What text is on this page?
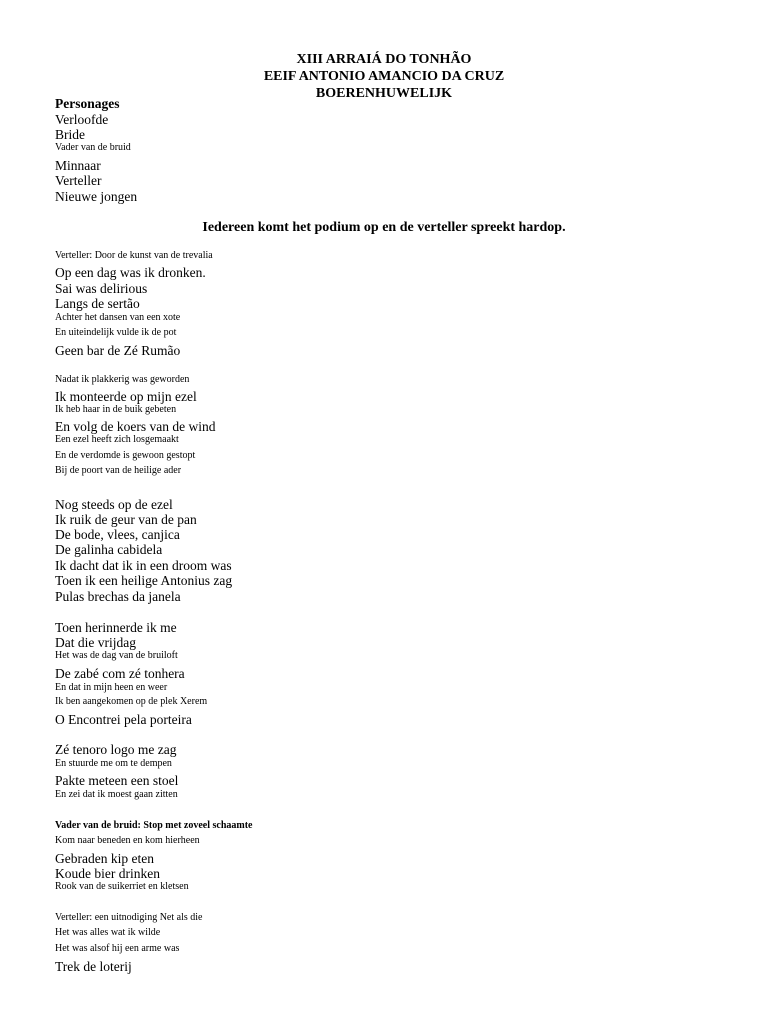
XIII ARRAIÁ DO TONHÃO
EEIF ANTONIO AMANCIO DA CRUZ
BOERENHUWELIJK
Personages
Verloofde
Bride
Vader van de bruid
Minnaar
Verteller
Nieuwe jongen
Iedereen komt het podium op en de verteller spreekt hardop.
Verteller: Door de kunst van de trevalia
Op een dag was ik dronken.
Sai was delirious
Langs de sertão
Achter het dansen van een xote
En uiteindelijk vulde ik de pot
Geen bar de Zé Rumão
Nadat ik plakkerig was geworden
Ik monteerde op mijn ezel
Ik heb haar in de buik gebeten
En volg de koers van de wind
Een ezel heeft zich losgemaakt
En de verdomde is gewoon gestopt
Bij de poort van de heilige ader
Nog steeds op de ezel
Ik ruik de geur van de pan
De bode, vlees, canjica
De galinha cabidela
Ik dacht dat ik in een droom was
Toen ik een heilige Antonius zag
Pulas brechas da janela
Toen herinnerde ik me
Dat die vrijdag
Het was de dag van de bruiloft
De zabé com zé tonhera
En dat in mijn heen en weer
Ik ben aangekomen op de plek Xerem
O Encontrei pela porteira
Zé tenoro logo me zag
En stuurde me om te dempen
Pakte meteen een stoel
En zei dat ik moest gaan zitten
Vader van de bruid: Stop met zoveel schaamte
Kom naar beneden en kom hierheen
Gebraden kip eten
Koude bier drinken
Rook van de suikerriet en kletsen
Verteller: een uitnodiging Net als die
Het was alles wat ik wilde
Het was alsof hij een arme was
Trek de loterij
